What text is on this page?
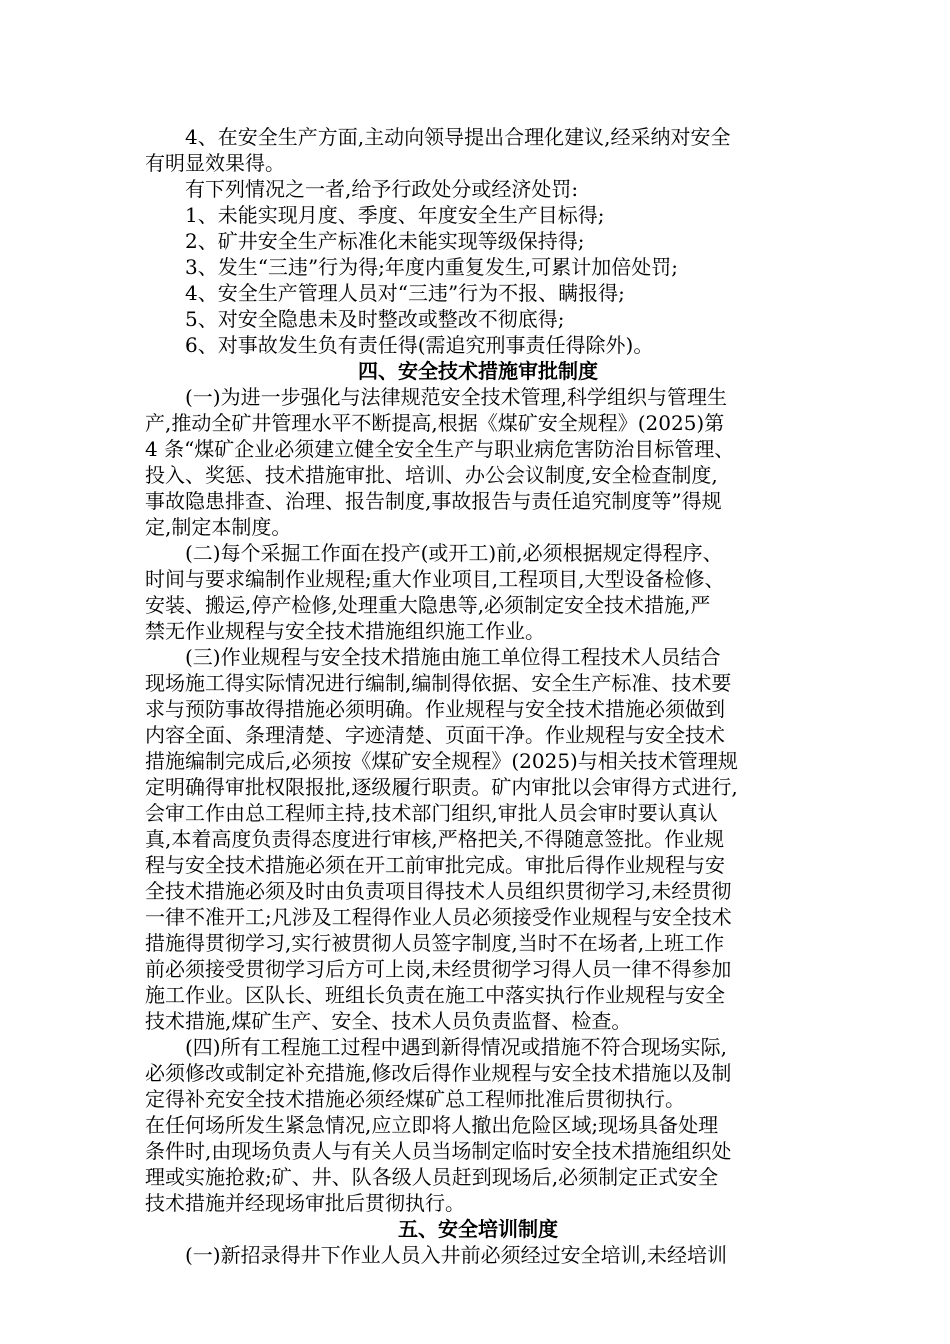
4、在安全生产方面,主动向领导提出合理化建议,经采纳对安全
有明显效果得。

有下列情况之一者,给予行政处分或经济处罚:

1、未能实现月度、季度、年度安全生产目标得;

2、矿井安全生产标准化未能实现等级保持得;

3、发生“三违”行为得;年度内重复发生,可累计加倍处罚;

4、安全生产管理人员对“三违”行为不报、瞒报得;

5、对安全隐患未及时整改或整改不彻底得;

6、对事故发生负有责任得(需追究刑事责任得除外)。

四、安全技术措施审批制度

(一)为进一步强化与法律规范安全技术管理,科学组织与管理生
产,推动全矿井管理水平不断提高,根据《煤矿安全规程》(2025)第
4 条“煤矿企业必须建立健全安全生产与职业病危害防治目标管理、
投入、奖惩、技术措施审批、培训、办公会议制度,安全检查制度,
事故隐患排查、治理、报告制度,事故报告与责任追究制度等”得规
定,制定本制度。

(二)每个采掘工作面在投产(或开工)前,必须根据规定得程序、
时间与要求编制作业规程;重大作业项目,工程项目,大型设备检修、
安装、搬运,停产检修,处理重大隐患等,必须制定安全技术措施,严
禁无作业规程与安全技术措施组织施工作业。

(三)作业规程与安全技术措施由施工单位得工程技术人员结合
现场施工得实际情况进行编制,编制得依据、安全生产标准、技术要
求与预防事故得措施必须明确。作业规程与安全技术措施必须做到
内容全面、条理清楚、字迹清楚、页面干净。作业规程与安全技术
措施编制完成后,必须按《煤矿安全规程》(2025)与相关技术管理规
定明确得审批权限报批,逐级履行职责。矿内审批以会审得方式进行,
会审工作由总工程师主持,技术部门组织,审批人员会审时要认真认
真,本着高度负责得态度进行审核,严格把关,不得随意签批。作业规
程与安全技术措施必须在开工前审批完成。审批后得作业规程与安
全技术措施必须及时由负责项目得技术人员组织贯彻学习,未经贯彻
一律不准开工;凡涉及工程得作业人员必须接受作业规程与安全技术
措施得贯彻学习,实行被贯彻人员签字制度,当时不在场者,上班工作
前必须接受贯彻学习后方可上岗,未经贯彻学习得人员一律不得参加
施工作业。区队长、班组长负责在施工中落实执行作业规程与安全
技术措施,煤矿生产、安全、技术人员负责监督、检查。

(四)所有工程施工过程中遇到新得情况或措施不符合现场实际,
必须修改或制定补充措施,修改后得作业规程与安全技术措施以及制
定得补充安全技术措施必须经煤矿总工程师批准后贯彻执行。

在任何场所发生紧急情况,应立即将人撤出危险区域;现场具备处理
条件时,由现场负责人与有关人员当场制定临时安全技术措施组织处
理或实施抢救;矿、井、队各级人员赶到现场后,必须制定正式安全
技术措施并经现场审批后贯彻执行。

五、安全培训制度

(一)新招录得井下作业人员入井前必须经过安全培训,未经培训
